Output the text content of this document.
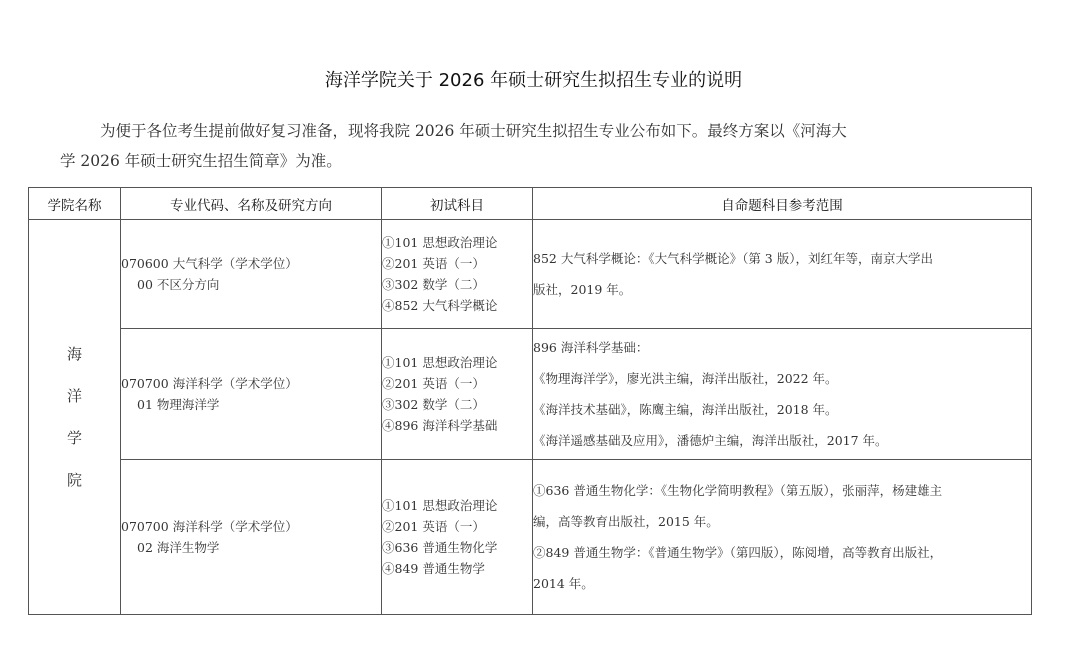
海洋学院关于 2026 年硕士研究生拟招生专业的说明
为便于各位考生提前做好复习准备，现将我院 2026 年硕士研究生拟招生专业公布如下。最终方案以《河海大
学 2026 年硕士研究生招生简章》为准。
学院名称	专业代码、名称及研究方向	初试科目	自命题科目参考范围

海
洋
学
院	070600 大气科学（学术学位）
00 不区分方向	①101 思想政治理论
②201 英语（一）
③302 数学（二）
④852 大气科学概论	852 大气科学概论：《大气科学概论》（第 3 版），刘红年等，南京大学出
版社，2019 年。

	070700 海洋科学（学术学位）
01 物理海洋学	①101 思想政治理论
②201 英语（一）
③302 数学（二）
④896 海洋科学基础	896 海洋科学基础：
《物理海洋学》，廖光洪主编，海洋出版社，2022 年。
《海洋技术基础》，陈鹰主编，海洋出版社，2018 年。
《海洋遥感基础及应用》，潘德炉主编，海洋出版社，2017 年。

	070700 海洋科学（学术学位）
02 海洋生物学	①101 思想政治理论
②201 英语（一）
③636 普通生物化学
④849 普通生物学	①636 普通生物化学：《生物化学简明教程》（第五版），张丽萍，杨建雄主
编，高等教育出版社，2015 年。
②849 普通生物学：《普通生物学》（第四版），陈阅增，高等教育出版社，
2014 年。
